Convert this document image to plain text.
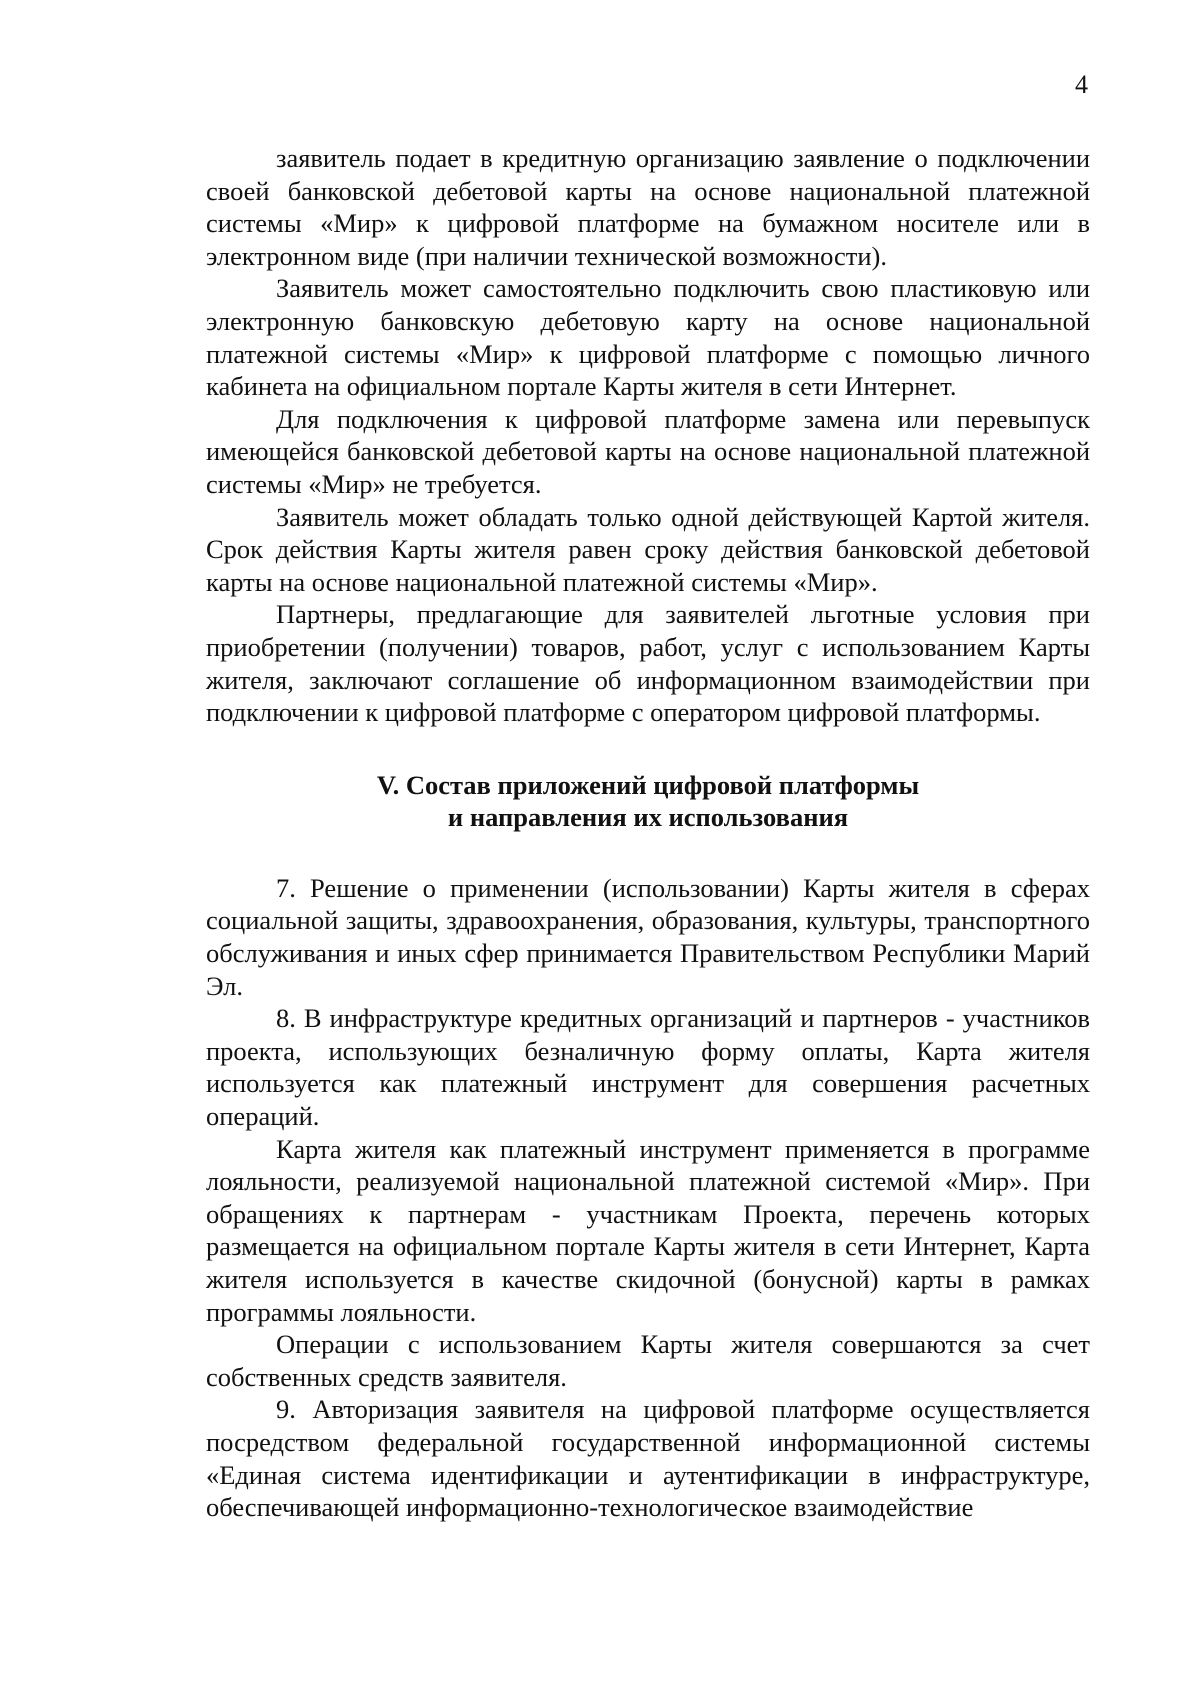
4

заявитель подает в кредитную организацию заявление о подключении своей банковской дебетовой карты на основе национальной платежной системы «Мир» к цифровой платформе на бумажном носителе или в электронном виде (при наличии технической возможности).

Заявитель может самостоятельно подключить свою пластиковую или электронную банковскую дебетовую карту на основе национальной платежной системы «Мир» к цифровой платформе с помощью личного кабинета на официальном портале Карты жителя в сети Интернет.

Для подключения к цифровой платформе замена или перевыпуск имеющейся банковской дебетовой карты на основе национальной платежной системы «Мир» не требуется.

Заявитель может обладать только одной действующей Картой жителя. Срок действия Карты жителя равен сроку действия банковской дебетовой карты на основе национальной платежной системы «Мир».

Партнеры, предлагающие для заявителей льготные условия при приобретении (получении) товаров, работ, услуг с использованием Карты жителя, заключают соглашение об информационном взаимодействии при подключении к цифровой платформе с оператором цифровой платформы.

V. Состав приложений цифровой платформы
и направления их использования

7. Решение о применении (использовании) Карты жителя в сферах социальной защиты, здравоохранения, образования, культуры, транспортного обслуживания и иных сфер принимается Правительством Республики Марий Эл.

8. В инфраструктуре кредитных организаций и партнеров - участников проекта, использующих безналичную форму оплаты, Карта жителя используется как платежный инструмент для совершения расчетных операций.

Карта жителя как платежный инструмент применяется в программе лояльности, реализуемой национальной платежной системой «Мир». При обращениях к партнерам - участникам Проекта, перечень которых размещается на официальном портале Карты жителя в сети Интернет, Карта жителя используется в качестве скидочной (бонусной) карты в рамках программы лояльности.

Операции с использованием Карты жителя совершаются за счет собственных средств заявителя.

9. Авторизация заявителя на цифровой платформе осуществляется посредством федеральной государственной информационной системы «Единая система идентификации и аутентификации в инфраструктуре, обеспечивающей информационно-технологическое взаимодействие
